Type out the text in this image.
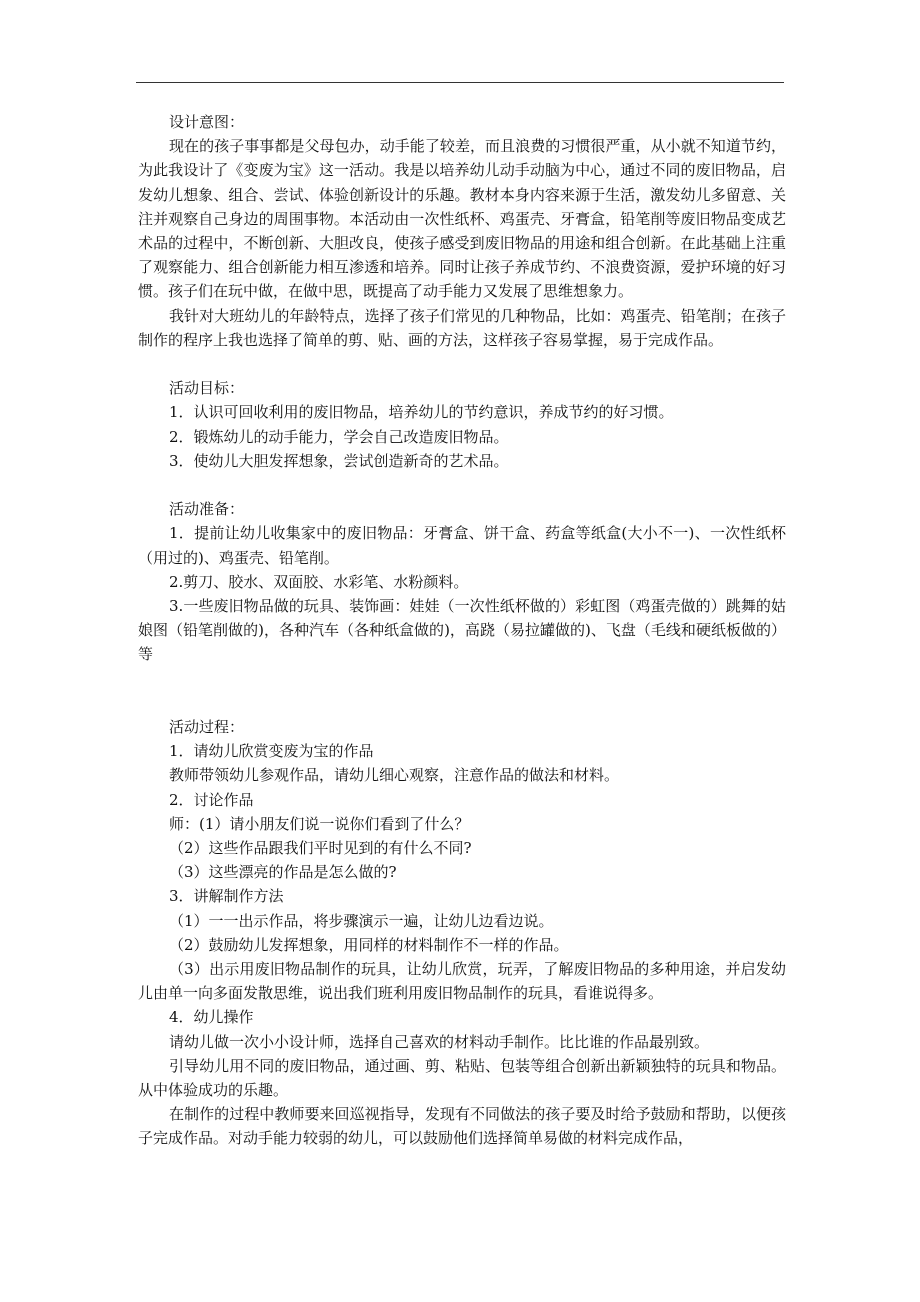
设计意图：

现在的孩子事事都是父母包办，动手能了较差，而且浪费的习惯很严重，从小就不知道节约，为此我设计了《变废为宝》这一活动。我是以培养幼儿动手动脑为中心，通过不同的废旧物品，启发幼儿想象、组合、尝试、体验创新设计的乐趣。教材本身内容来源于生活，激发幼儿多留意、关注并观察自己身边的周围事物。本活动由一次性纸杯、鸡蛋壳、牙膏盒，铅笔削等废旧物品变成艺术品的过程中，不断创新、大胆改良，使孩子感受到废旧物品的用途和组合创新。在此基础上注重了观察能力、组合创新能力相互渗透和培养。同时让孩子养成节约、不浪费资源，爱护环境的好习惯。孩子们在玩中做，在做中思，既提高了动手能力又发展了思维想象力。

我针对大班幼儿的年龄特点，选择了孩子们常见的几种物品，比如：鸡蛋壳、铅笔削；在孩子制作的程序上我也选择了简单的剪、贴、画的方法，这样孩子容易掌握，易于完成作品。

活动目标：

1．认识可回收利用的废旧物品，培养幼儿的节约意识，养成节约的好习惯。

2．锻炼幼儿的动手能力，学会自己改造废旧物品。

3．使幼儿大胆发挥想象，尝试创造新奇的艺术品。

活动准备：

1．提前让幼儿收集家中的废旧物品：牙膏盒、饼干盒、药盒等纸盒(大小不一)、一次性纸杯（用过的)、鸡蛋壳、铅笔削。

2.剪刀、胶水、双面胶、水彩笔、水粉颜料。

3.一些废旧物品做的玩具、装饰画：娃娃（一次性纸杯做的）彩虹图（鸡蛋壳做的）跳舞的姑娘图（铅笔削做的)，各种汽车（各种纸盒做的)，高跷（易拉罐做的)、飞盘（毛线和硬纸板做的）等

活动过程：

1．请幼儿欣赏变废为宝的作品

教师带领幼儿参观作品，请幼儿细心观察，注意作品的做法和材料。

2．讨论作品

师：(1）请小朋友们说一说你们看到了什么？

（2）这些作品跟我们平时见到的有什么不同?

（3）这些漂亮的作品是怎么做的?

3．讲解制作方法

（1）一一出示作品，将步骤演示一遍，让幼儿边看边说。

（2）鼓励幼儿发挥想象，用同样的材料制作不一样的作品。

（3）出示用废旧物品制作的玩具，让幼儿欣赏，玩弄，了解废旧物品的多种用途，并启发幼儿由单一向多面发散思维，说出我们班利用废旧物品制作的玩具，看谁说得多。

4．幼儿操作

请幼儿做一次小小设计师，选择自己喜欢的材料动手制作。比比谁的作品最别致。

引导幼儿用不同的废旧物品，通过画、剪、粘贴、包装等组合创新出新颖独特的玩具和物品。从中体验成功的乐趣。

在制作的过程中教师要来回巡视指导，发现有不同做法的孩子要及时给予鼓励和帮助，以便孩子完成作品。对动手能力较弱的幼儿，可以鼓励他们选择简单易做的材料完成作品，
